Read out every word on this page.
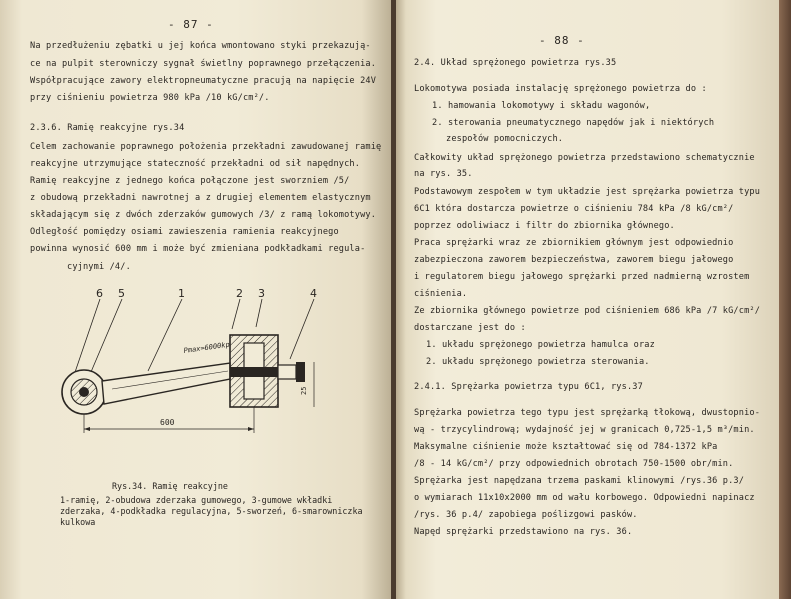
- 87 -
Na przedłużeniu zębatki u jej końca wmontowano styki przekazują-
ce na pulpit sterowniczy sygnał świetlny poprawnego przełączenia.
Współpracujące zawory elektropneumatyczne pracują na napięcie 24V
przy ciśnieniu powietrza 980 kPa /10 kG/cm²/.
2.3.6. Ramię reakcyjne rys.34
Celem zachowanie poprawnego położenia przekładni zawudowanej ramię
reakcyjne utrzymujące stateczność przekładni od sił napędnych.
Ramię reakcyjne z jednego końca połączone jest sworzniem /5/
z obudową przekładni nawrotnej a z drugiej elementem elastycznym
składającym się z dwóch zderzaków gumowych /3/ z ramą lokomotywy.
Odległość pomiędzy osiami zawieszenia ramienia reakcyjnego
powinna wynosić 600 mm i może być zmieniana podkładkami regula-
cyjnymi /4/.
25
600
Pmax=6000kp
6 5	1	2 3	4
Rys.34. Ramię reakcyjne
1-ramię, 2-obudowa zderzaka gumowego, 3-gumowe wkładki
zderzaka, 4-podkładka regulacyjna, 5-sworzeń, 6-smarowniczka
kulkowa
- 88 -
2.4. Układ sprężonego powietrza rys.35
Lokomotywa posiada instalację sprężonego powietrza do :
1. hamowania lokomotywy i składu wagonów,
2. sterowania pneumatycznego napędów jak i niektórych
zespołów pomocniczych.
Całkowity układ sprężonego powietrza przedstawiono schematycznie
na rys. 35.
Podstawowym zespołem w tym układzie jest sprężarka powietrza typu
6C1 która dostarcza powietrze o ciśnieniu 784 kPa /8 kG/cm²/
poprzez odoliwiacz i filtr do zbiornika głównego.
Praca sprężarki wraz ze zbiornikiem głównym jest odpowiednio
zabezpieczona zaworem bezpieczeństwa, zaworem biegu jałowego
i regulatorem biegu jałowego sprężarki przed nadmierną wzrostem
ciśnienia.
Ze zbiornika głównego powietrze pod ciśnieniem 686 kPa /7 kG/cm²/
dostarczane jest do :
1. układu sprężonego powietrza hamulca oraz
2. układu sprężonego powietrza sterowania.
2.4.1. Sprężarka powietrza typu 6C1, rys.37
Sprężarka powietrza tego typu jest sprężarką tłokową, dwustopnio-
wą - trzycylindrową; wydajność jej w granicach 0,725-1,5 m³/min.
Maksymalne ciśnienie może kształtować się od 784-1372 kPa
/8 - 14 kG/cm²/ przy odpowiednich obrotach 750-1500 obr/min.
Sprężarka jest napędzana trzema paskami klinowymi /rys.36 p.3/
o wymiarach 11x10x2000 mm od wału korbowego. Odpowiedni napinacz
/rys. 36 p.4/ zapobiega poślizgowi pasków.
Napęd sprężarki przedstawiono na rys. 36.
